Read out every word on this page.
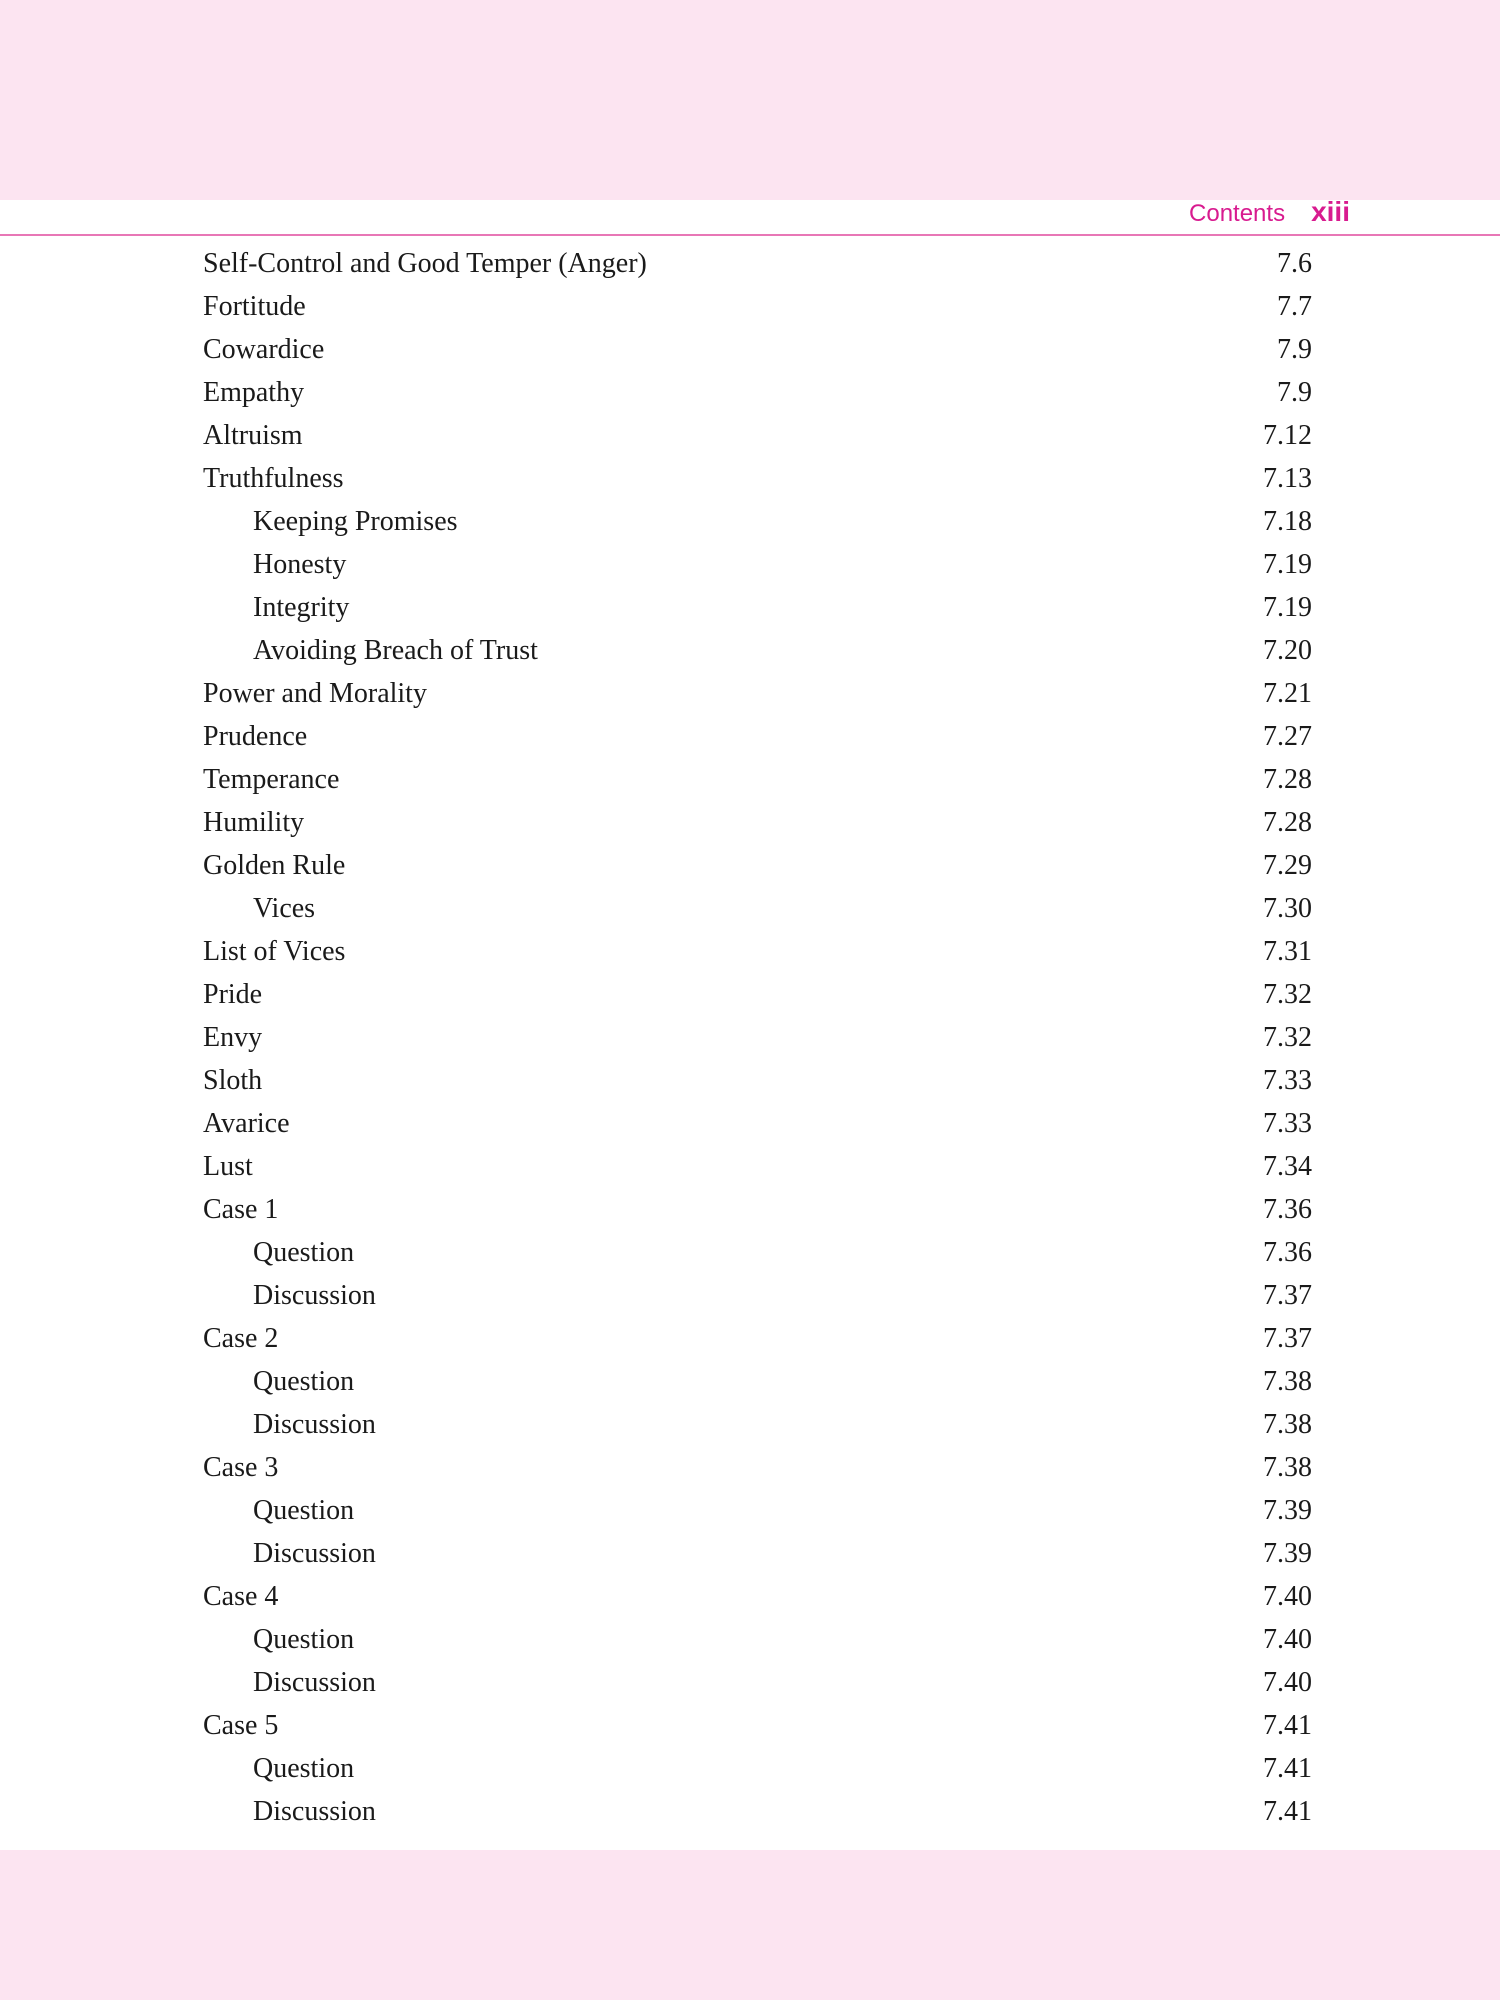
Contents xiii
Self-Control and Good Temper (Anger)	7.6
Fortitude	7.7
Cowardice	7.9
Empathy	7.9
Altruism	7.12
Truthfulness	7.13
Keeping Promises	7.18
Honesty	7.19
Integrity	7.19
Avoiding Breach of Trust	7.20
Power and Morality	7.21
Prudence	7.27
Temperance	7.28
Humility	7.28
Golden Rule	7.29
Vices	7.30
List of Vices	7.31
Pride	7.32
Envy	7.32
Sloth	7.33
Avarice	7.33
Lust	7.34
Case 1	7.36
Question	7.36
Discussion	7.37
Case 2	7.37
Question	7.38
Discussion	7.38
Case 3	7.38
Question	7.39
Discussion	7.39
Case 4	7.40
Question	7.40
Discussion	7.40
Case 5	7.41
Question	7.41
Discussion	7.41
